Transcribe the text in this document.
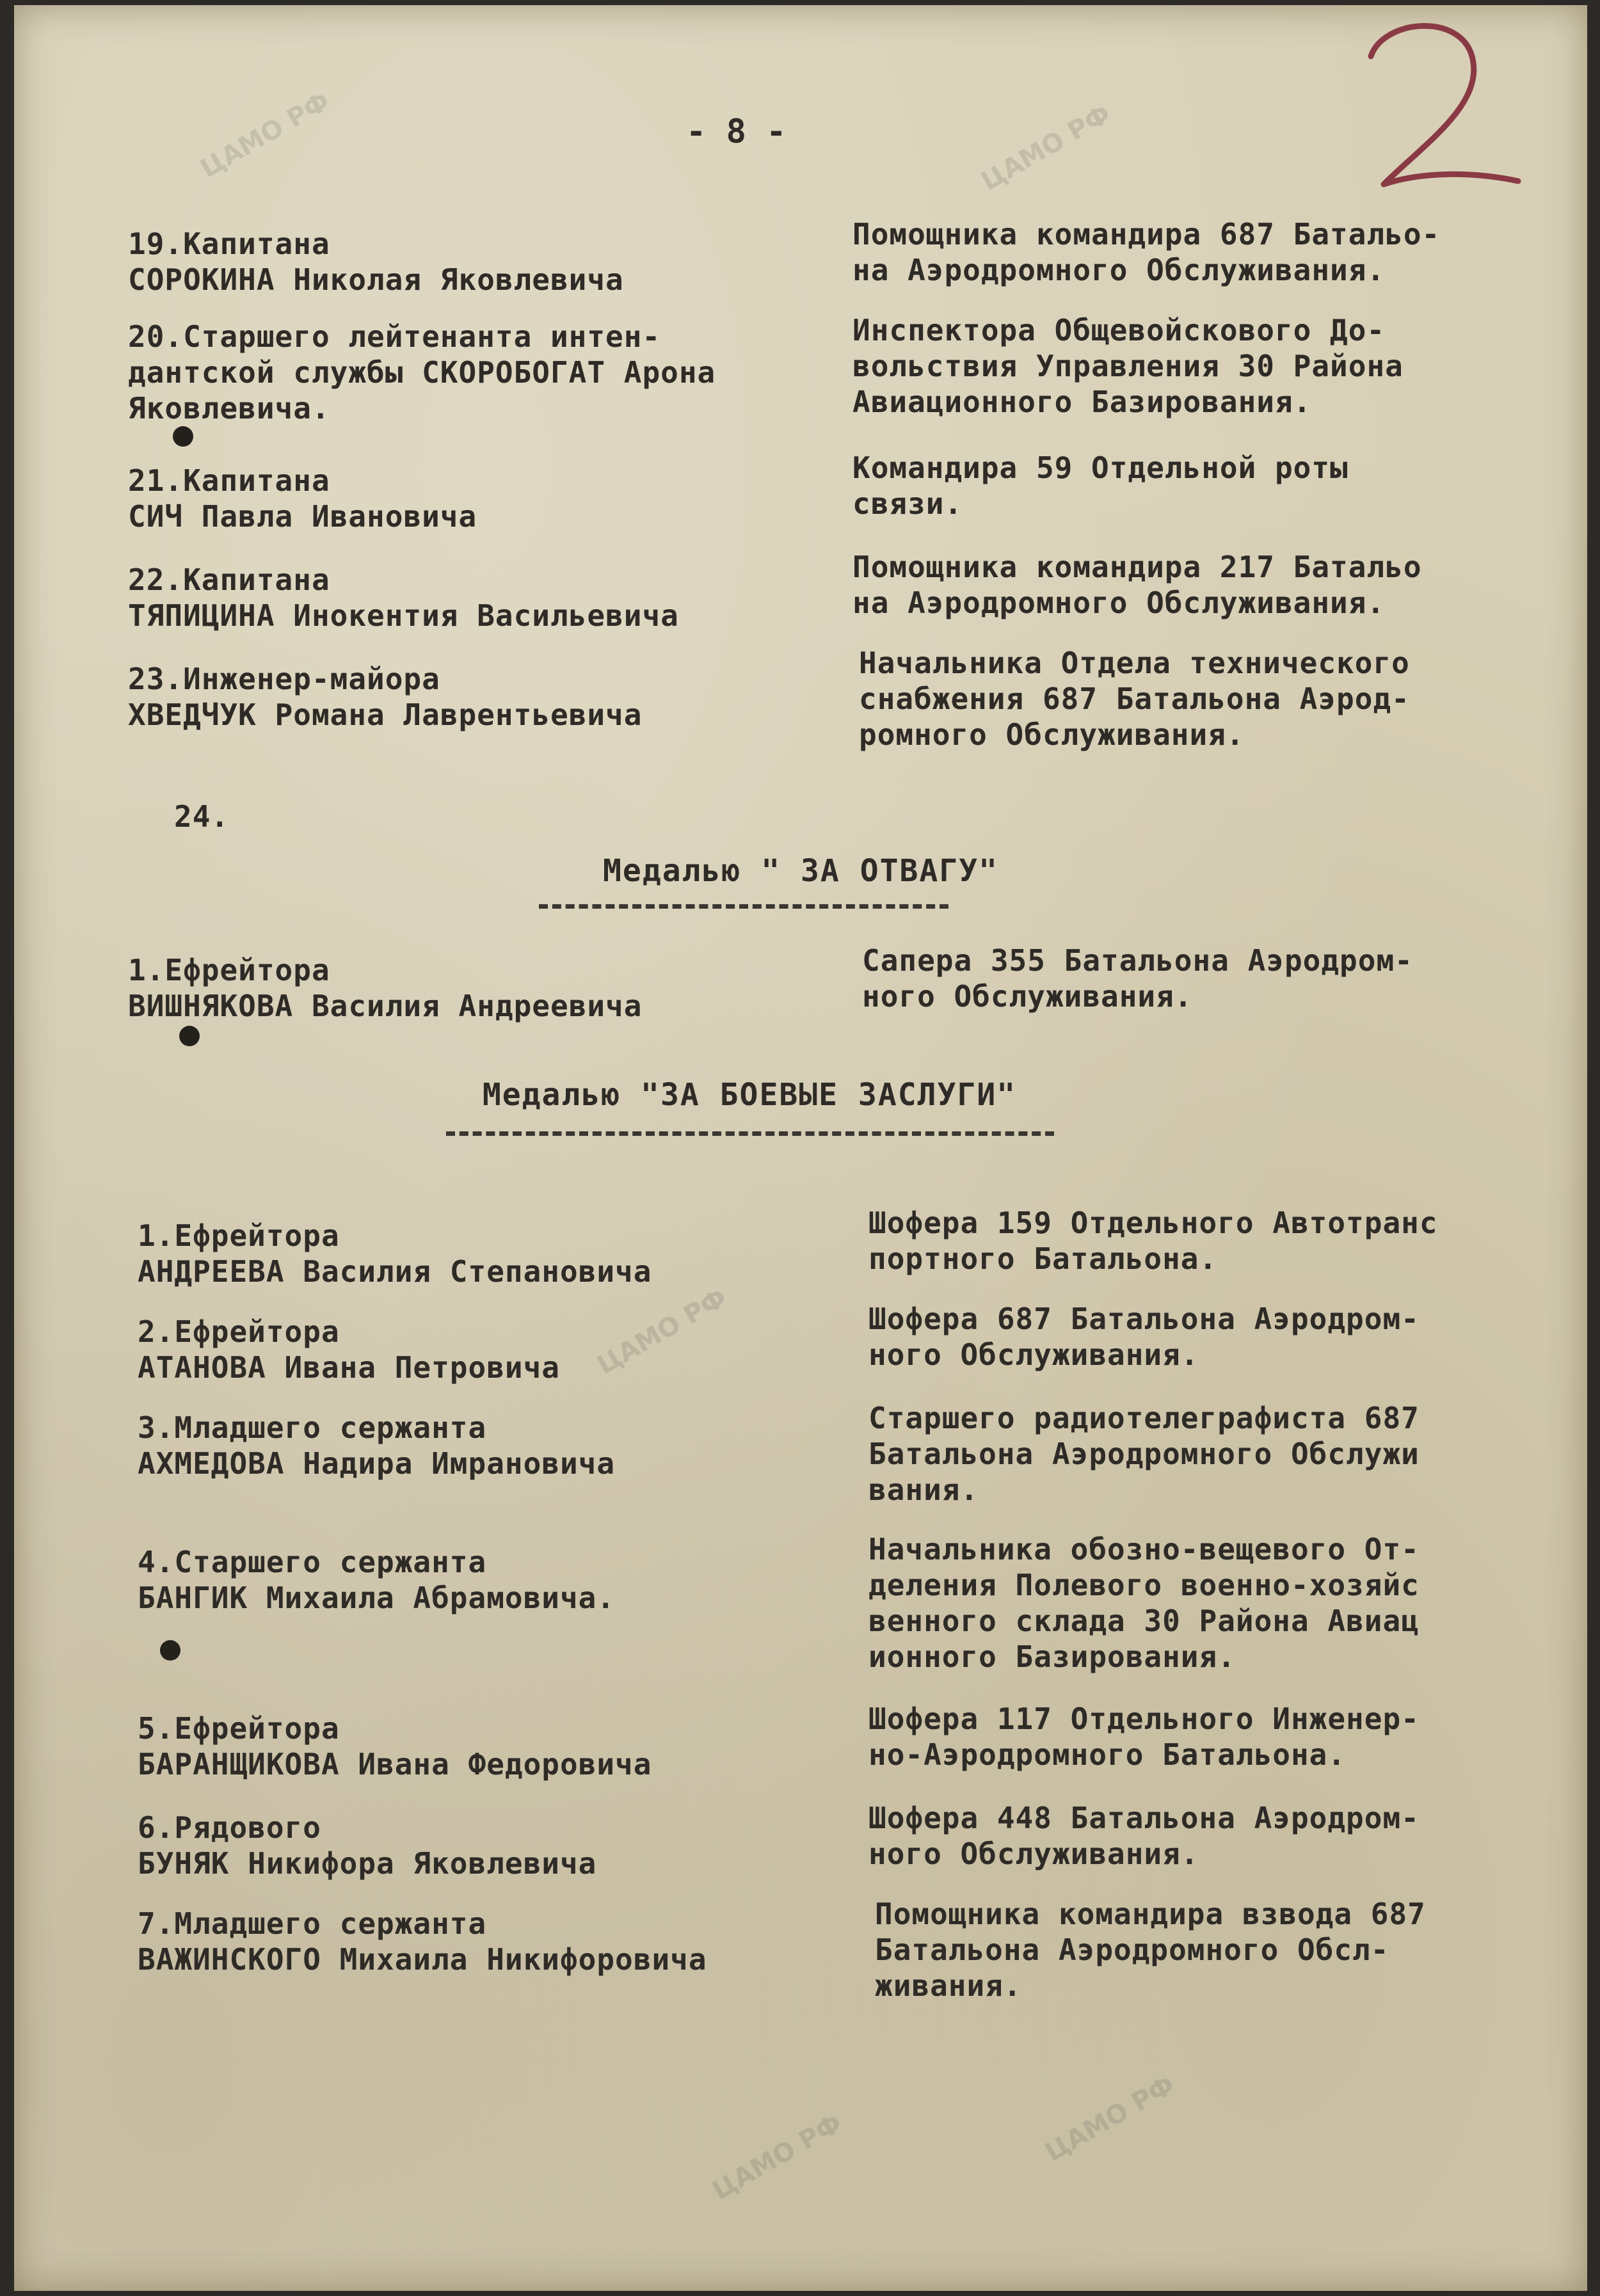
ЦАМО РФ	ЦАМО РФ
ЦАМО РФ
ЦАМО РФ	ЦАМО РФ
- 8 -
2
19.Капитана
СОРОКИНА Николая Яковлевича
Помощника командира 687 Батальо-
на Аэродромного Обслуживания.
20.Старшего лейтенанта интен-
дантской службы СКОРОБОГАТ Арона
Яковлевича.
Инспектора Общевойскового До-
вольствия Управления 30 Района
Авиационного Базирования.
21.Капитана
СИЧ Павла Ивановича
Командира 59 Отдельной роты
связи.
22.Капитана
ТЯПИЦИНА Инокентия Васильевича
Помощника командира 217 Батальо
на Аэродромного Обслуживания.
23.Инженер-майора
ХВЕДЧУК Романа Лаврентьевича
Начальника Отдела технического
снабжения 687 Батальона Аэрод-
ромного Обслуживания.
24.
Медалью " ЗА ОТВАГУ"
1.Ефрейтора
ВИШНЯКОВА Василия Андреевича
Сапера 355 Батальона Аэродром-
ного Обслуживания.
Медалью "ЗА БОЕВЫЕ ЗАСЛУГИ"
1.Ефрейтора
АНДРЕЕВА Василия Степановича
Шофера 159 Отдельного Автотранс
портного Батальона.
2.Ефрейтора
АТАНОВА Ивана Петровича
Шофера 687 Батальона Аэродром-
ного Обслуживания.
3.Младшего сержанта
АХМЕДОВА Надира Имрановича
Старшего радиотелеграфиста 687
Батальона Аэродромного Обслужи
вания.
4.Старшего сержанта
БАНГИК Михаила Абрамовича.
Начальника обозно-вещевого От-
деления Полевого военно-хозяйс
венного склада 30 Района Авиац
ионного Базирования.
5.Ефрейтора
БАРАНЩИКОВА Ивана Федоровича
Шофера 117 Отдельного Инженер-
но-Аэродромного Батальона.
6.Рядового
БУНЯК Никифора Яковлевича
Шофера 448 Батальона Аэродром-
ного Обслуживания.
7.Младшего сержанта
ВАЖИНСКОГО Михаила Никифоровича
Помощника командира взвода 687
Батальона Аэродромного Обсл-
живания.
